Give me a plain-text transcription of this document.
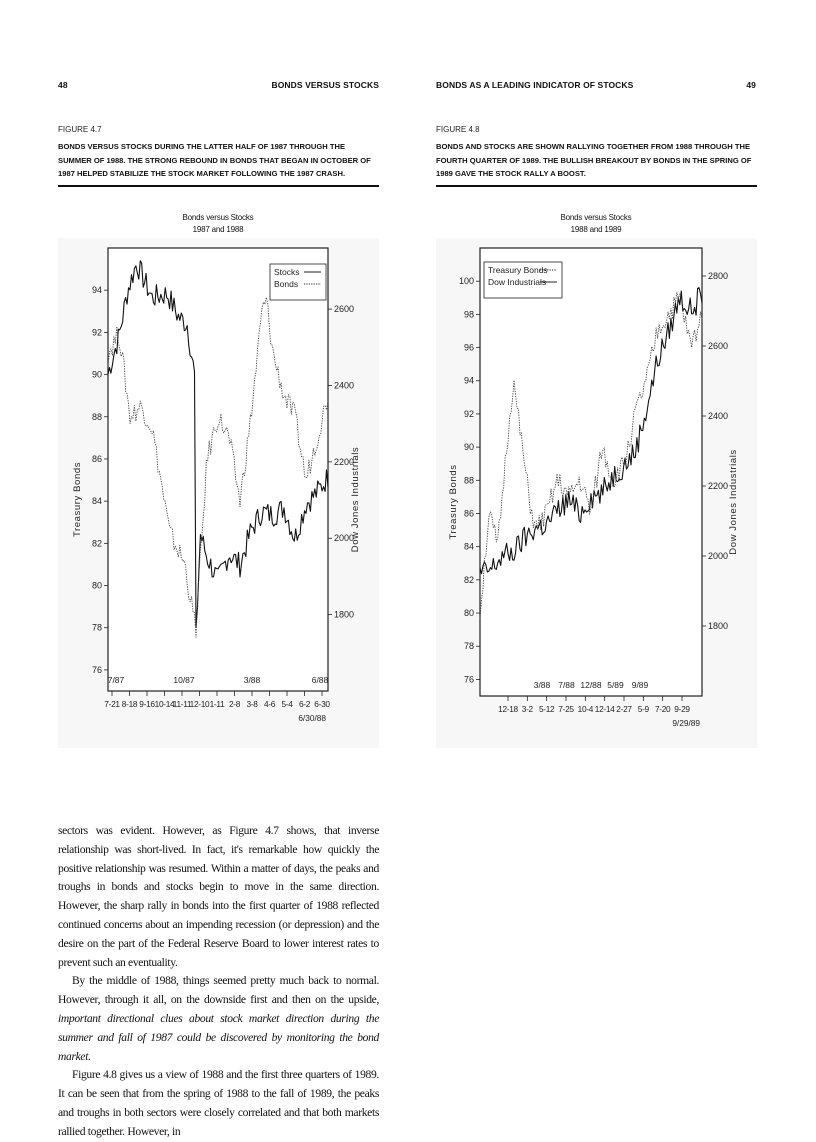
48	BONDS VERSUS STOCKS
FIGURE 4.7
BONDS VERSUS STOCKS DURING THE LATTER HALF OF 1987 THROUGH THE SUMMER OF 1988. THE STRONG REBOUND IN BONDS THAT BEGAN IN OCTOBER OF 1987 HELPED STABILIZE THE STOCK MARKET FOLLOWING THE 1987 CRASH.
Bonds versus Stocks
1987 and 1988
76
78
80
82
84
86
88
90
92
94
1800
2000
2200
2400
2600
Treasury Bonds	Dow Jones Industrials
7/87	10/87	3/88	6/88
7-21 8-18 9-16 10-14
11-11
12-10 1-11 2-8 3-8 4-6 5-4 6-2 6-30
6/30/88
Stocks
Bonds
BONDS AS A LEADING INDICATOR OF STOCKS	49
FIGURE 4.8
BONDS AND STOCKS ARE SHOWN RALLYING TOGETHER FROM 1988 THROUGH THE FOURTH QUARTER OF 1989. THE BULLISH BREAKOUT BY BONDS IN THE SPRING OF 1989 GAVE THE STOCK RALLY A BOOST.
Bonds versus Stocks
1988 and 1989
76
78
80
82
84
86
88
90
92
94
96
98
100
1800
2000
2200
2400
2600
2800
Treasury Bonds	Dow Jones Industrials
3/88 7/88 12/88 5/89 9/89
12-18 3-2 5-12 7-25 10-4 12-14 2-27 5-9 7-20 9-29
9/29/89
Treasury Bonds
Dow Industrials

sectors was evident. However, as Figure 4.7 shows, that inverse relationship was short-lived. In fact, it's remarkable how quickly the positive relationship was resumed. Within a matter of days, the peaks and troughs in bonds and stocks begin to move in the same direction. However, the sharp rally in bonds into the first quarter of 1988 reflected continued concerns about an impending recession (or depression) and the desire on the part of the Federal Reserve Board to lower interest rates to prevent such an eventuality.

By the middle of 1988, things seemed pretty much back to normal. However, through it all, on the downside first and then on the upside, important directional clues about stock market direction during the summer and fall of 1987 could be discovered by monitoring the bond market.

Figure 4.8 gives us a view of 1988 and the first three quarters of 1989. It can be seen that from the spring of 1988 to the fall of 1989, the peaks and troughs in both sectors were closely correlated and that both markets rallied together. However, in
